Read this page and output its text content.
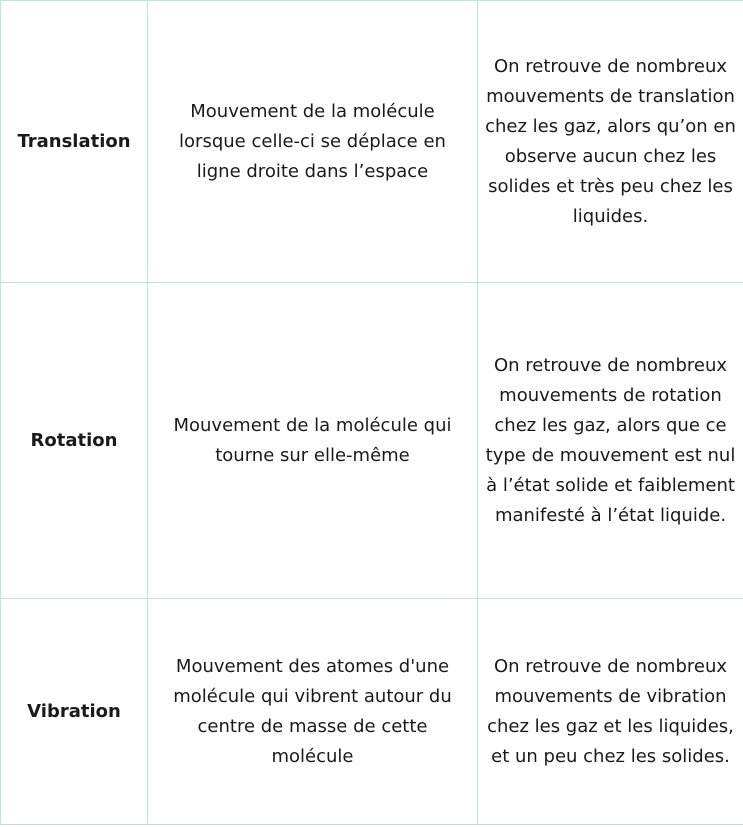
Translation	Mouvement de la molécule lorsque celle-ci se déplace en ligne droite dans l’espace	On retrouve de nombreux mouvements de translation chez les gaz, alors qu’on en observe aucun chez les solides et très peu chez les liquides.
Rotation	Mouvement de la molécule qui tourne sur elle-même	On retrouve de nombreux mouvements de rotation chez les gaz, alors que ce type de mouvement est nul à l’état solide et faiblement manifesté à l’état liquide.
Vibration	Mouvement des atomes d'une molécule qui vibrent autour du centre de masse de cette molécule	On retrouve de nombreux mouvements de vibration chez les gaz et les liquides, et un peu chez les solides.
